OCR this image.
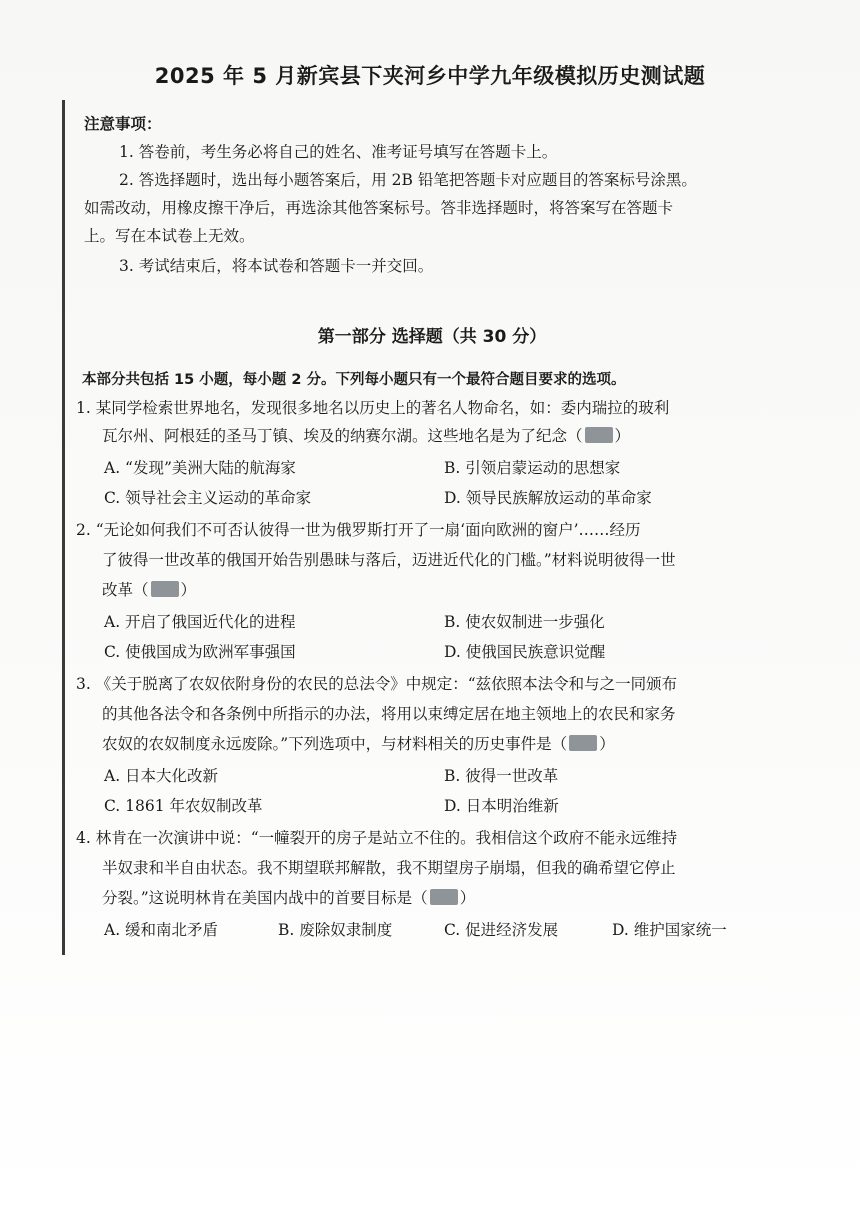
2025 年 5 月新宾县下夹河乡中学九年级模拟历史测试题
注意事项：
1. 答卷前，考生务必将自己的姓名、准考证号填写在答题卡上。
2. 答选择题时，选出每小题答案后，用 2B 铅笔把答题卡对应题目的答案标号涂黑。
如需改动，用橡皮擦干净后，再选涂其他答案标号。答非选择题时，将答案写在答题卡
上。写在本试卷上无效。
3. 考试结束后，将本试卷和答题卡一并交回。
第一部分 选择题（共 30 分）
本部分共包括 15 小题，每小题 2 分。下列每小题只有一个最符合题目要求的选项。
1. 某同学检索世界地名，发现很多地名以历史上的著名人物命名，如：委内瑞拉的玻利
瓦尔州、阿根廷的圣马丁镇、埃及的纳赛尔湖。这些地名是为了纪念（ ）
A. “发现”美洲大陆的航海家	B. 引领启蒙运动的思想家
C. 领导社会主义运动的革命家	D. 领导民族解放运动的革命家
2. “无论如何我们不可否认彼得一世为俄罗斯打开了一扇‘面向欧洲的窗户’……经历
了彼得一世改革的俄国开始告别愚昧与落后，迈进近代化的门槛。”材料说明彼得一世
改革（ ）
A. 开启了俄国近代化的进程	B. 使农奴制进一步强化
C. 使俄国成为欧洲军事强国	D. 使俄国民族意识觉醒
3. 《关于脱离了农奴依附身份的农民的总法令》中规定：“兹依照本法令和与之一同颁布
的其他各法令和各条例中所指示的办法，将用以束缚定居在地主领地上的农民和家务
农奴的农奴制度永远废除。”下列选项中，与材料相关的历史事件是（ ）
A. 日本大化改新	B. 彼得一世改革
C. 1861 年农奴制改革	D. 日本明治维新
4. 林肯在一次演讲中说：“一幢裂开的房子是站立不住的。我相信这个政府不能永远维持
半奴隶和半自由状态。我不期望联邦解散，我不期望房子崩塌，但我的确希望它停止
分裂。”这说明林肯在美国内战中的首要目标是（ ）
A. 缓和南北矛盾	B. 废除奴隶制度	C. 促进经济发展	D. 维护国家统一
